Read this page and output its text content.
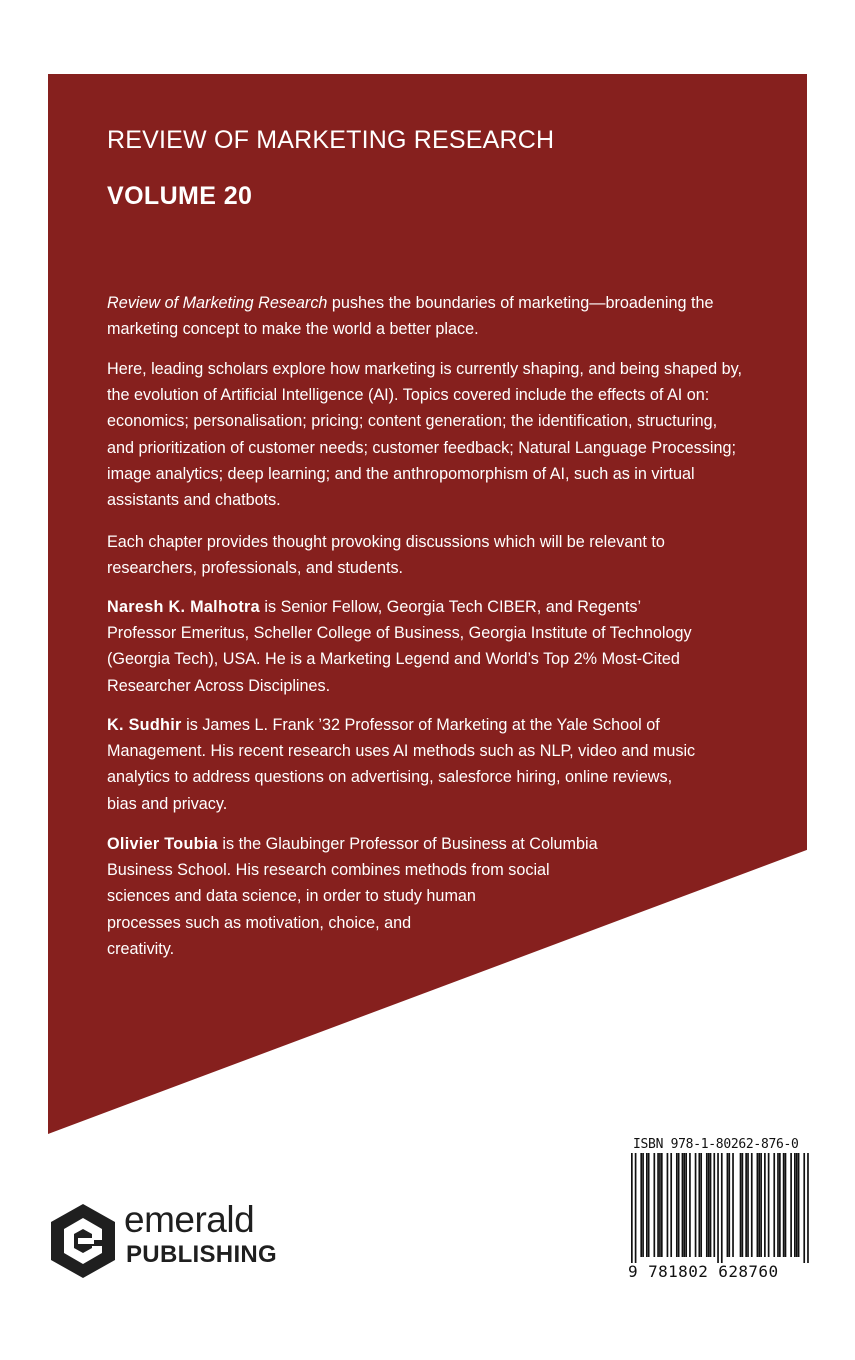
REVIEW OF MARKETING RESEARCH
VOLUME 20

Review of Marketing Research pushes the boundaries of marketing—broadening the marketing concept to make the world a better place.

Here, leading scholars explore how marketing is currently shaping, and being shaped by, the evolution of Artificial Intelligence (AI). Topics covered include the effects of AI on: economics; personalisation; pricing; content generation; the identification, structuring, and prioritization of customer needs; customer feedback; Natural Language Processing; image analytics; deep learning; and the anthropomorphism of AI, such as in virtual assistants and chatbots.

Each chapter provides thought provoking discussions which will be relevant to researchers, professionals, and students.

Naresh K. Malhotra is Senior Fellow, Georgia Tech CIBER, and Regents’
Professor Emeritus, Scheller College of Business, Georgia Institute of Technology
(Georgia Tech), USA. He is a Marketing Legend and World’s Top 2% Most-Cited
Researcher Across Disciplines.

K. Sudhir is James L. Frank ’32 Professor of Marketing at the Yale School of
Management. His recent research uses AI methods such as NLP, video and music
analytics to address questions on advertising, salesforce hiring, online reviews,
bias and privacy.

Olivier Toubia is the Glaubinger Professor of Business at Columbia
Business School. His research combines methods from social
sciences and data science, in order to study human
processes such as motivation, choice, and
creativity.

ISBN 978-1-80262-876-0
9 781802 628760
emerald
PUBLISHING
